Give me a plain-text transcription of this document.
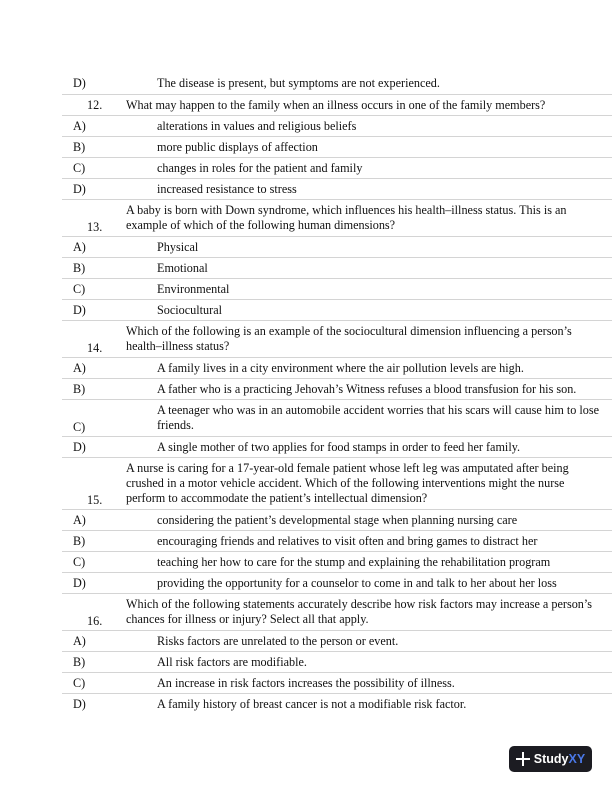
D)	The disease is present, but symptoms are not experienced.
What may happen to the family when an illness occurs in one of the family members?
12.
alterations in values and religious beliefs
A)
more public displays of affection
B)
changes in roles for the patient and family
C)
increased resistance to stress
D)
A baby is born with Down syndrome, which influences his health–illness status. This is an
example of which of the following human dimensions?
13.
Physical
A)
Emotional
B)
Environmental
C)
Sociocultural
D)
Which of the following is an example of the sociocultural dimension influencing a person’s
health–illness status?
14.
A family lives in a city environment where the air pollution levels are high.
A)
A father who is a practicing Jehovah’s Witness refuses a blood transfusion for his son.
B)
A teenager who was in an automobile accident worries that his scars will cause him to lose
friends.
C)
A single mother of two applies for food stamps in order to feed her family.
D)
A nurse is caring for a 17-year-old female patient whose left leg was amputated after being
crushed in a motor vehicle accident. Which of the following interventions might the nurse
perform to accommodate the patient’s intellectual dimension?
15.
considering the patient’s developmental stage when planning nursing care
A)
encouraging friends and relatives to visit often and bring games to distract her
B)
teaching her how to care for the stump and explaining the rehabilitation program
C)
providing the opportunity for a counselor to come in and talk to her about her loss
D)
Which of the following statements accurately describe how risk factors may increase a person’s
chances for illness or injury? Select all that apply.
16.
Risks factors are unrelated to the person or event.
A)
All risk factors are modifiable.
B)
An increase in risk factors increases the possibility of illness.
C)
A family history of breast cancer is not a modifiable risk factor.
D)
StudyXY
